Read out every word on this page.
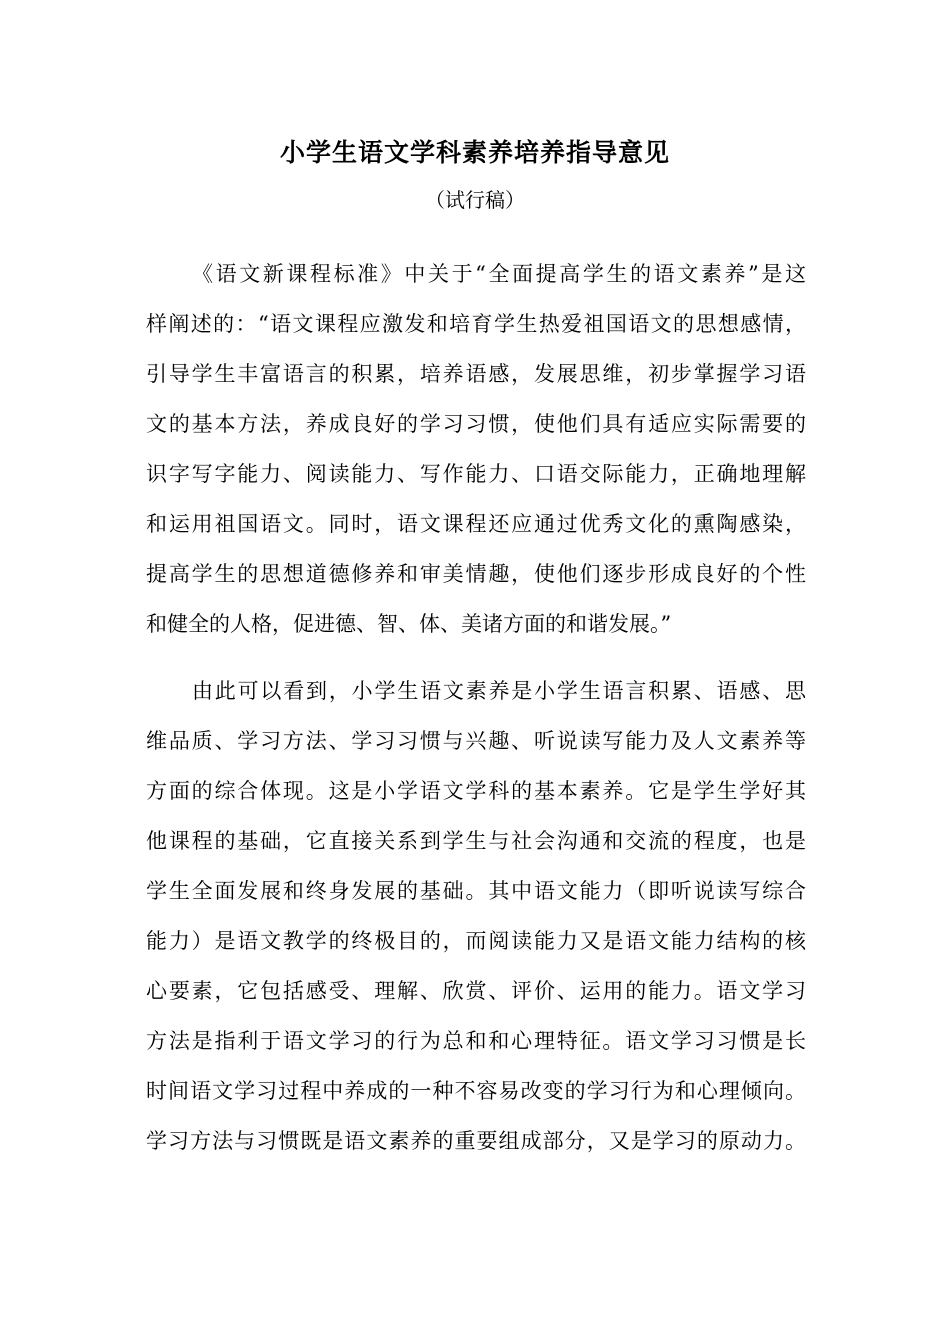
小学生语文学科素养培养指导意见
（试行稿）
《语文新课程标准》中关于“全面提高学生的语文素养”是这
样阐述的：“语文课程应激发和培育学生热爱祖国语文的思想感情，
引导学生丰富语言的积累，培养语感，发展思维，初步掌握学习语
文的基本方法，养成良好的学习习惯，使他们具有适应实际需要的
识字写字能力、阅读能力、写作能力、口语交际能力，正确地理解
和运用祖国语文。同时，语文课程还应通过优秀文化的熏陶感染，
提高学生的思想道德修养和审美情趣，使他们逐步形成良好的个性
和健全的人格，促进德、智、体、美诸方面的和谐发展。”
由此可以看到，小学生语文素养是小学生语言积累、语感、思
维品质、学习方法、学习习惯与兴趣、听说读写能力及人文素养等
方面的综合体现。这是小学语文学科的基本素养。它是学生学好其
他课程的基础，它直接关系到学生与社会沟通和交流的程度，也是
学生全面发展和终身发展的基础。其中语文能力（即听说读写综合
能力）是语文教学的终极目的，而阅读能力又是语文能力结构的核
心要素，它包括感受、理解、欣赏、评价、运用的能力。语文学习
方法是指利于语文学习的行为总和和心理特征。语文学习习惯是长
时间语文学习过程中养成的一种不容易改变的学习行为和心理倾向。
学习方法与习惯既是语文素养的重要组成部分，又是学习的原动力。
